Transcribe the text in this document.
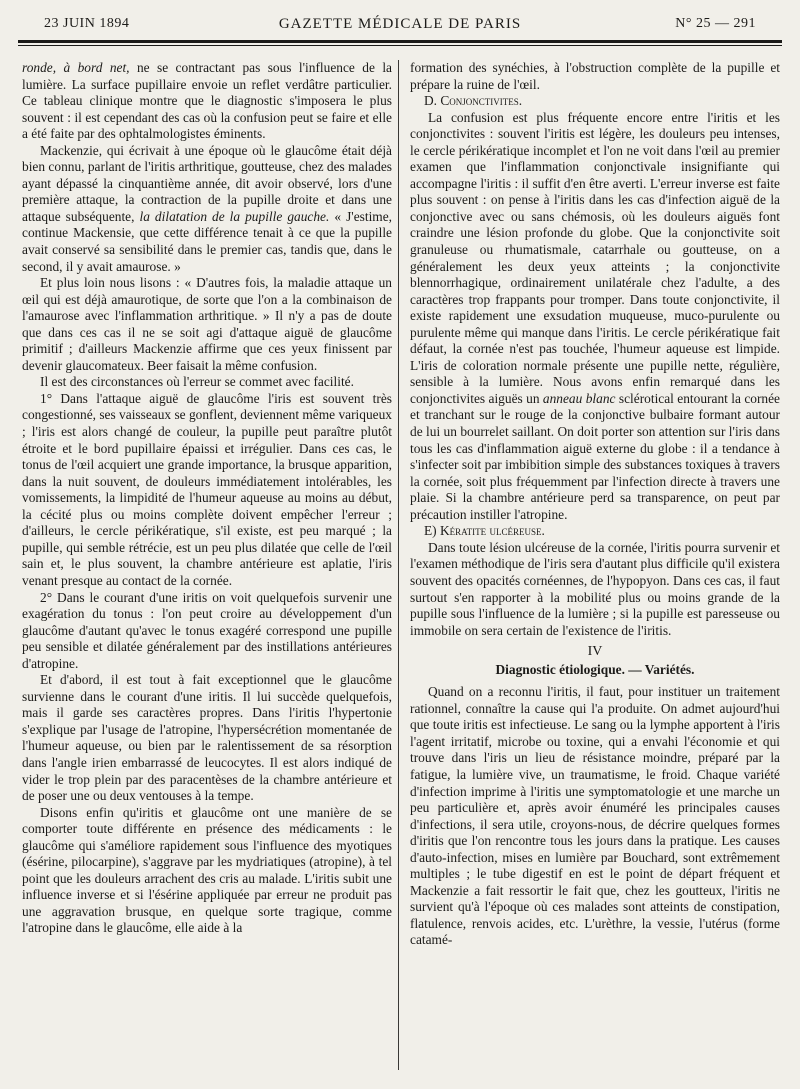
23 JUIN 1894	GAZETTE MÉDICALE DE PARIS	N° 25 — 291

ronde, à bord net, ne se contractant pas sous l'influence de la lumière. La surface pupillaire envoie un reflet verdâtre particulier. Ce tableau clinique montre que le diagnostic s'imposera le plus souvent : il est cependant des cas où la confusion peut se faire et elle a été faite par des ophtalmologistes éminents.

Mackenzie, qui écrivait à une époque où le glaucôme était déjà bien connu, parlant de l'iritis arthritique, goutteuse, chez des malades ayant dépassé la cinquantième année, dit avoir observé, lors d'une première attaque, la contraction de la pupille droite et dans une attaque subséquente, la dilatation de la pupille gauche. « J'estime, continue Mackensie, que cette différence tenait à ce que la pupille avait conservé sa sensibilité dans le premier cas, tandis que, dans le second, il y avait amaurose. »

Et plus loin nous lisons : « D'autres fois, la maladie attaque un œil qui est déjà amaurotique, de sorte que l'on a la combinaison de l'amaurose avec l'inflammation arthritique. » Il n'y a pas de doute que dans ces cas il ne se soit agi d'attaque aiguë de glaucôme primitif ; d'ailleurs Mackenzie affirme que ces yeux finissent par devenir glaucomateux. Beer faisait la même confusion.

Il est des circonstances où l'erreur se commet avec facilité.

1° Dans l'attaque aiguë de glaucôme l'iris est souvent très congestionné, ses vaisseaux se gonflent, deviennent même variqueux ; l'iris est alors changé de couleur, la pupille peut paraître plutôt étroite et le bord pupillaire épaissi et irrégulier. Dans ces cas, le tonus de l'œil acquiert une grande importance, la brusque apparition, dans la nuit souvent, de douleurs immédiatement intolérables, les vomissements, la limpidité de l'humeur aqueuse au moins au début, la cécité plus ou moins complète doivent empêcher l'erreur ; d'ailleurs, le cercle périkératique, s'il existe, est peu marqué ; la pupille, qui semble rétrécie, est un peu plus dilatée que celle de l'œil sain et, le plus souvent, la chambre antérieure est aplatie, l'iris venant presque au contact de la cornée.

2° Dans le courant d'une iritis on voit quelquefois survenir une exagération du tonus : l'on peut croire au développement d'un glaucôme d'autant qu'avec le tonus exagéré correspond une pupille peu sensible et dilatée généralement par des instillations antérieures d'atropine.

Et d'abord, il est tout à fait exceptionnel que le glaucôme survienne dans le courant d'une iritis. Il lui succède quelquefois, mais il garde ses caractères propres. Dans l'iritis l'hypertonie s'explique par l'usage de l'atropine, l'hypersécrétion momentanée de l'humeur aqueuse, ou bien par le ralentissement de sa résorption dans l'angle irien embarrassé de leucocytes. Il est alors indiqué de vider le trop plein par des paracentèses de la chambre antérieure et de poser une ou deux ventouses à la tempe.

Disons enfin qu'iritis et glaucôme ont une manière de se comporter toute différente en présence des médicaments : le glaucôme qui s'améliore rapidement sous l'influence des myotiques (ésérine, pilocarpine), s'aggrave par les mydriatiques (atropine), à tel point que les douleurs arrachent des cris au malade. L'iritis subit une influence inverse et si l'ésérine appliquée par erreur ne produit pas une aggravation brusque, en quelque sorte tragique, comme l'atropine dans le glaucôme, elle aide à la

formation des synéchies, à l'obstruction complète de la pupille et prépare la ruine de l'œil.

D. Conjonctivites.

La confusion est plus fréquente encore entre l'iritis et les conjonctivites : souvent l'iritis est légère, les douleurs peu intenses, le cercle périkératique incomplet et l'on ne voit dans l'œil au premier examen que l'inflammation conjonctivale insignifiante qui accompagne l'iritis : il suffit d'en être averti. L'erreur inverse est faite plus souvent : on pense à l'iritis dans les cas d'infection aiguë de la conjonctive avec ou sans chémosis, où les douleurs aiguës font craindre une lésion profonde du globe. Que la conjonctivite soit granuleuse ou rhumatismale, catarrhale ou goutteuse, on a généralement les deux yeux atteints ; la conjonctivite blennorrhagique, ordinairement unilatérale chez l'adulte, a des caractères trop frappants pour tromper. Dans toute conjonctivite, il existe rapidement une exsudation muqueuse, muco-purulente ou purulente même qui manque dans l'iritis. Le cercle périkératique fait défaut, la cornée n'est pas touchée, l'humeur aqueuse est limpide. L'iris de coloration normale présente une pupille nette, régulière, sensible à la lumière. Nous avons enfin remarqué dans les conjonctivites aiguës un anneau blanc sclérotical entourant la cornée et tranchant sur le rouge de la conjonctive bulbaire formant autour de lui un bourrelet saillant. On doit porter son attention sur l'iris dans tous les cas d'inflammation aiguë externe du globe : il a tendance à s'infecter soit par imbibition simple des substances toxiques à travers la cornée, soit plus fréquemment par l'infection directe à travers une plaie. Si la chambre antérieure perd sa transparence, on peut par précaution instiller l'atropine.

E) Kératite ulcéreuse.

Dans toute lésion ulcéreuse de la cornée, l'iritis pourra survenir et l'examen méthodique de l'iris sera d'autant plus difficile qu'il existera souvent des opacités cornéennes, de l'hypopyon. Dans ces cas, il faut surtout s'en rapporter à la mobilité plus ou moins grande de la pupille sous l'influence de la lumière ; si la pupille est paresseuse ou immobile on sera certain de l'existence de l'iritis.

IV
Diagnostic étiologique. — Variétés.

Quand on a reconnu l'iritis, il faut, pour instituer un traitement rationnel, connaître la cause qui l'a produite. On admet aujourd'hui que toute iritis est infectieuse. Le sang ou la lymphe apportent à l'iris l'agent irritatif, microbe ou toxine, qui a envahi l'économie et qui trouve dans l'iris un lieu de résistance moindre, préparé par la fatigue, la lumière vive, un traumatisme, le froid. Chaque variété d'infection imprime à l'iritis une symptomatologie et une marche un peu particulière et, après avoir énuméré les principales causes d'infections, il sera utile, croyons-nous, de décrire quelques formes d'iritis que l'on rencontre tous les jours dans la pratique. Les causes d'auto-infection, mises en lumière par Bouchard, sont extrêmement multiples ; le tube digestif en est le point de départ fréquent et Mackenzie a fait ressortir le fait que, chez les goutteux, l'iritis ne survient qu'à l'époque où ces malades sont atteints de constipation, flatulence, renvois acides, etc. L'urèthre, la vessie, l'utérus (forme catamé-
